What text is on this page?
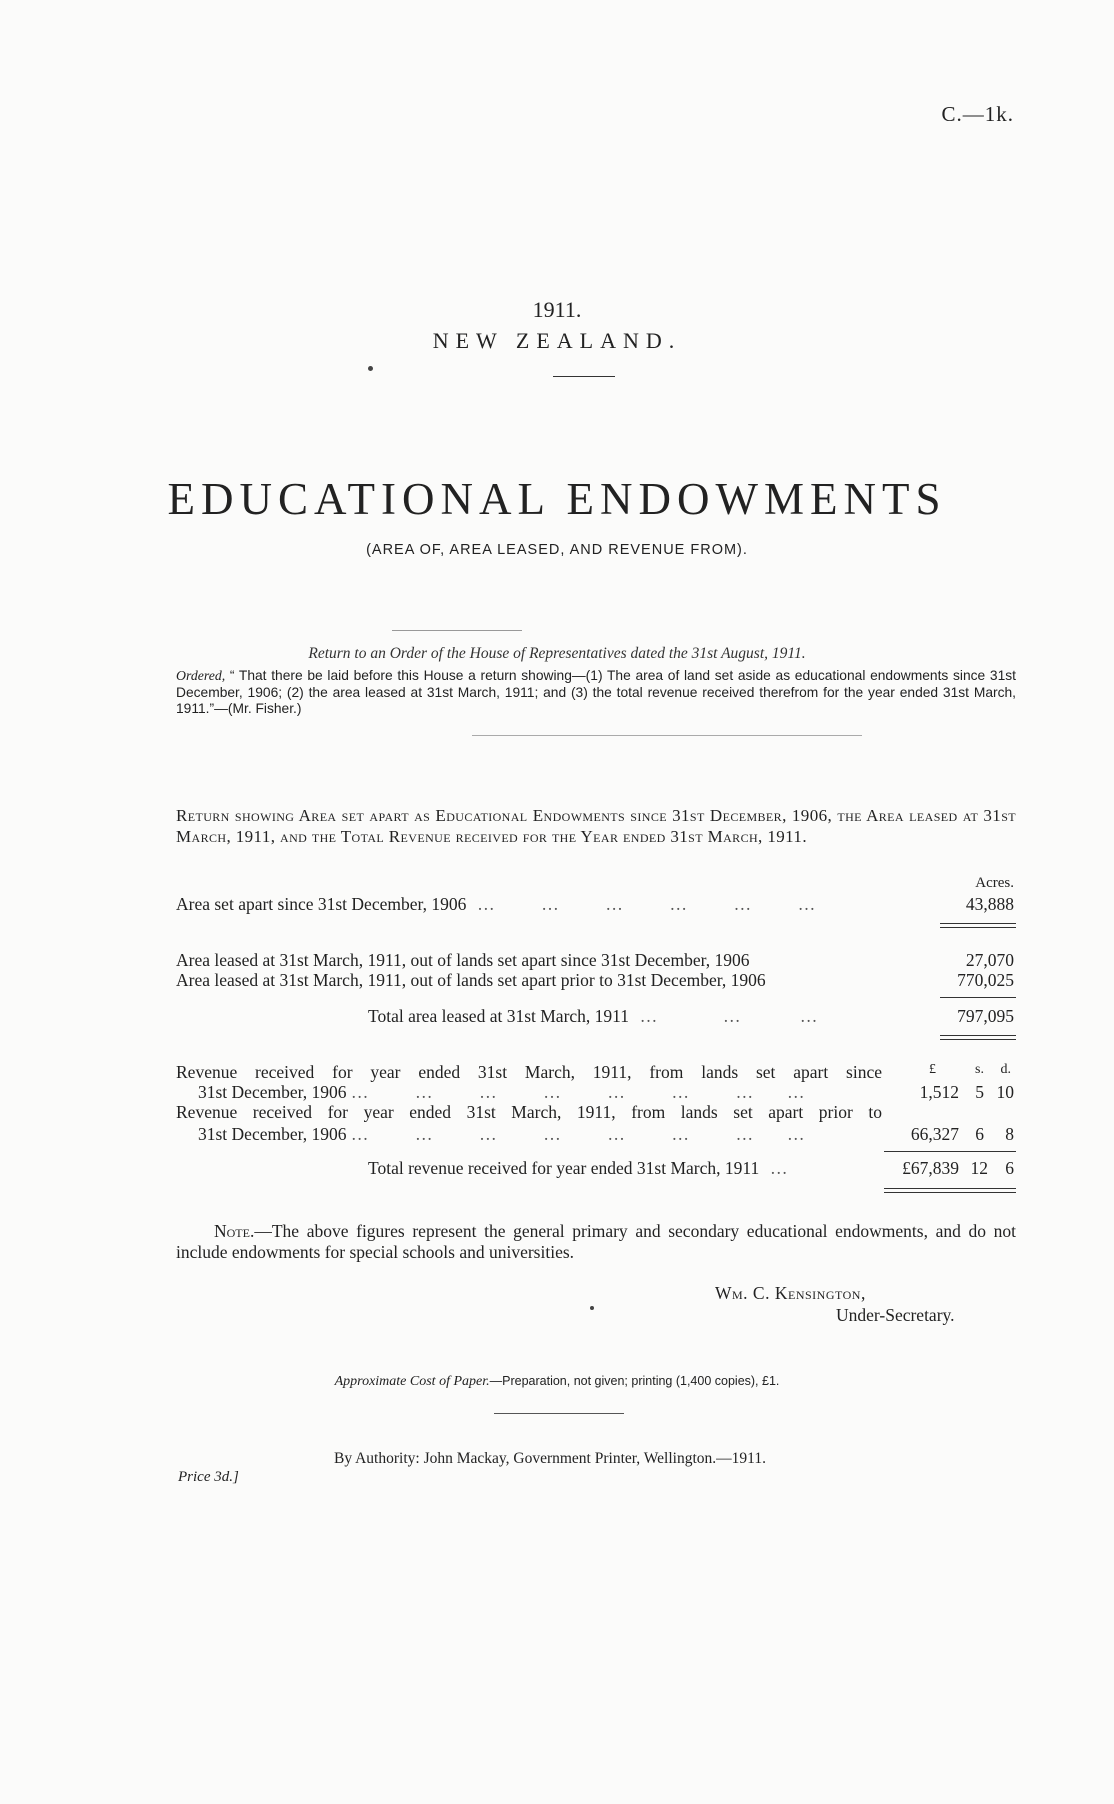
C.—1k.
1911.
NEW ZEALAND.
EDUCATIONAL ENDOWMENTS
(AREA OF, AREA LEASED, AND REVENUE FROM).
Return to an Order of the House of Representatives dated the 31st August, 1911.
Ordered, “ That there be laid before this House a return showing—(1) The area of land set aside as educational endowments since 31st December, 1906; (2) the area leased at 31st March, 1911; and (3) the total revenue received therefrom for the year ended 31st March, 1911.”—(Mr. Fisher.)
Return showing Area set apart as Educational Endowments since 31st December, 1906, the Area leased at 31st March, 1911, and the Total Revenue received for the Year ended 31st March, 1911.
Acres.
Area set apart since 31st December, 1906  …       …       …       …       …       …	43,888
Area leased at 31st March, 1911, out of lands set apart since 31st December, 1906	27,070
Area leased at 31st March, 1911, out of lands set apart prior to 31st December, 1906	770,025
Total area leased at 31st March, 1911  …          …         …	797,095
£	s. d.
Revenue received for year ended 31st March, 1911, from lands set apart since
31st December, 1906 …       …       …       …       …       …       …     …	1,512 5 10
Revenue received for year ended 31st March, 1911, from lands set apart prior to
31st December, 1906 …       …       …       …       …       …       …     …	66,327 6 8
Total revenue received for year ended 31st March, 1911  …	£67,839 12 6
Note.—The above figures represent the general primary and secondary educational endowments, and do not include endowments for special schools and universities.
Wm. C. Kensington,
Under-Secretary.
Approximate Cost of Paper.—Preparation, not given; printing (1,400 copies), £1.
By Authority: John Mackay, Government Printer, Wellington.—1911.
Price 3d.]
